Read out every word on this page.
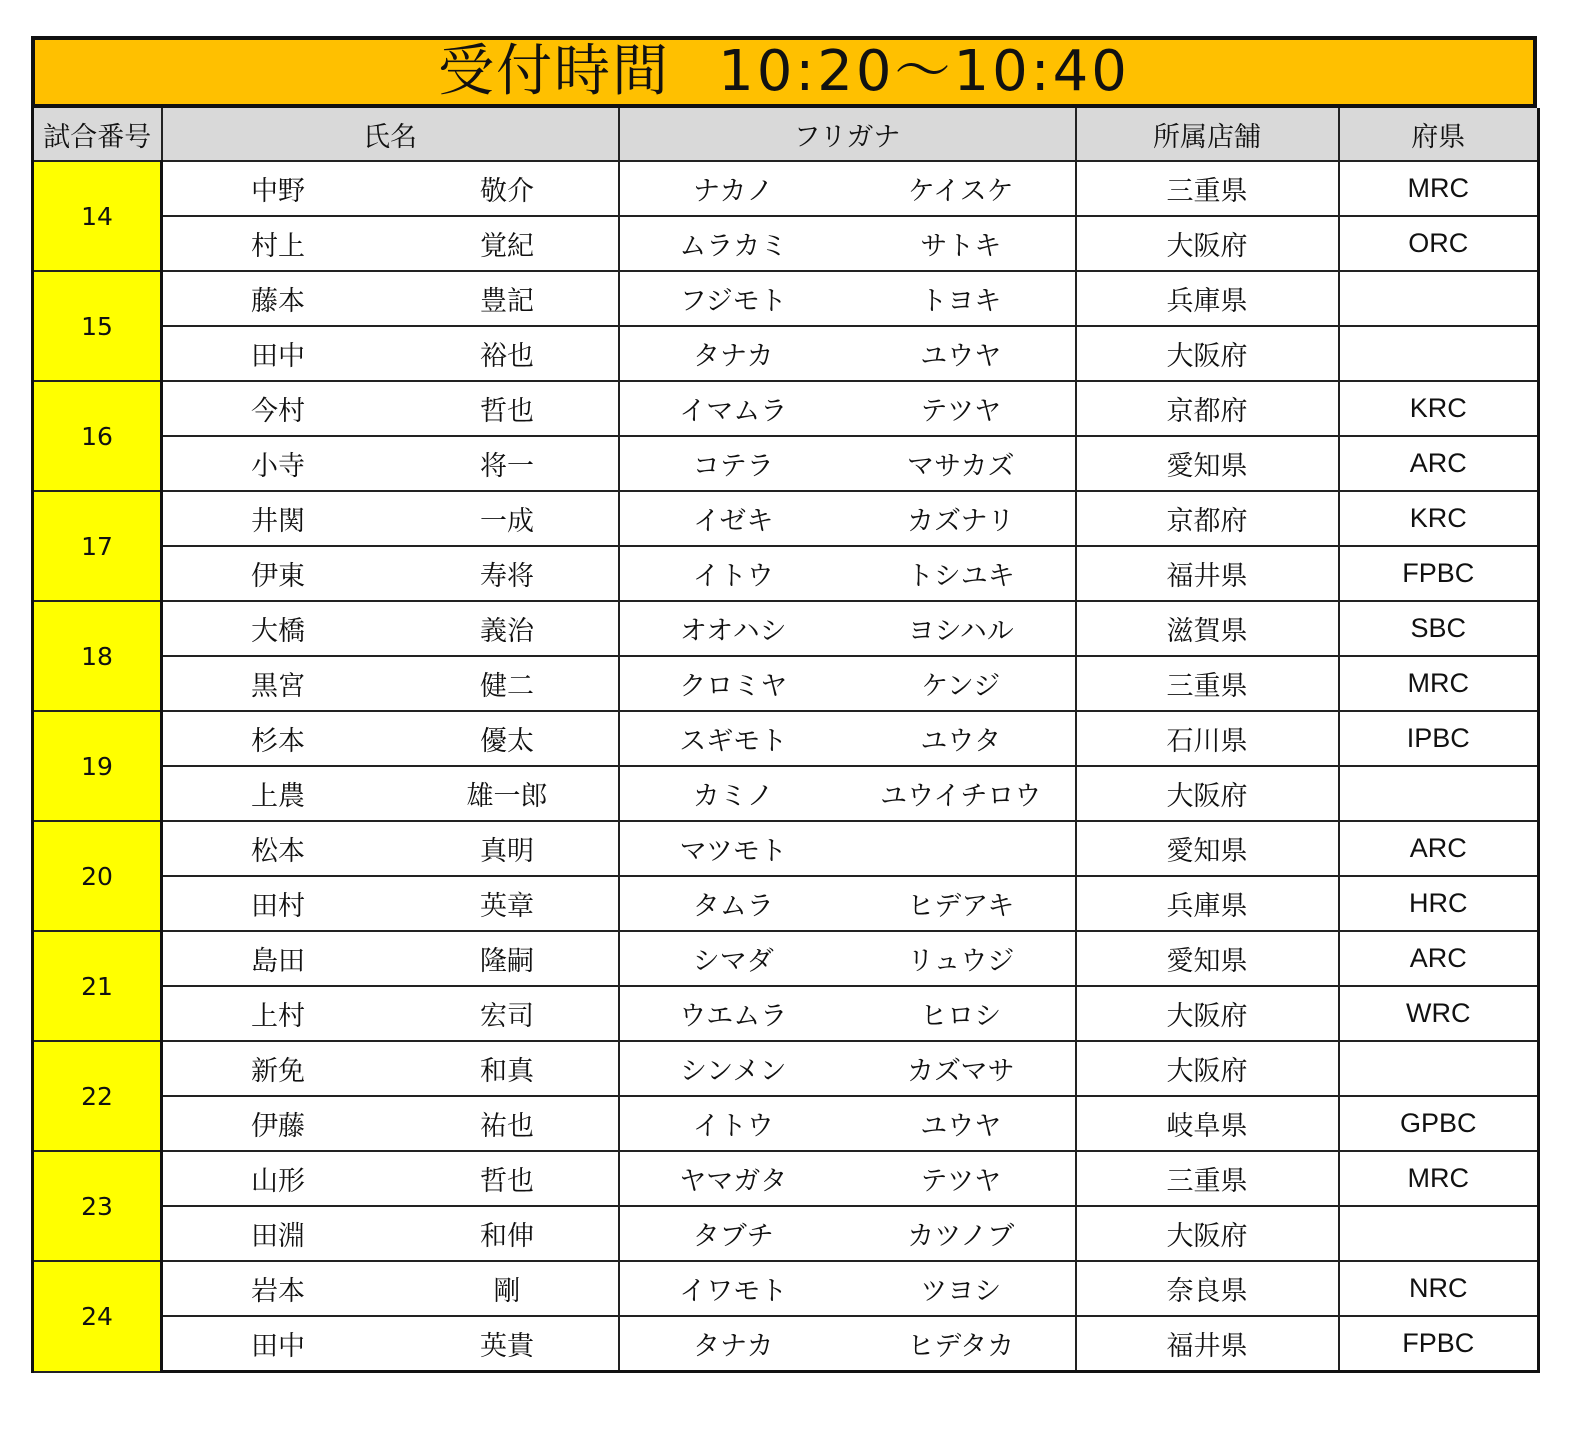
受付時間 10:20～10:40
試合番号	氏名	フリガナ	所属店舗	府県
14	中野 敬介	ナカノ ケイスケ	三重県	MRC

	村上 覚紀	ムラカミ サトキ	大阪府	ORC
15	藤本 豊記	フジモト トヨキ	兵庫県	

	田中 裕也	タナカ ユウヤ	大阪府	
16	今村 哲也	イマムラ テツヤ	京都府	KRC

	小寺 将一	コテラ マサカズ	愛知県	ARC
17	井関 一成	イゼキ カズナリ	京都府	KRC

	伊東 寿将	イトウ トシユキ	福井県	FPBC
18	大橋 義治	オオハシ ヨシハル	滋賀県	SBC

	黒宮 健二	クロミヤ ケンジ	三重県	MRC
19	杉本 優太	スギモト ユウタ	石川県	IPBC

	上農 雄一郎	カミノ ユウイチロウ	大阪府	
20	松本 真明	マツモト	愛知県	ARC

	田村 英章	タムラ ヒデアキ	兵庫県	HRC
21	島田 隆嗣	シマダ リュウジ	愛知県	ARC

	上村 宏司	ウエムラ ヒロシ	大阪府	WRC
22	新免 和真	シンメン カズマサ	大阪府	

	伊藤 祐也	イトウ ユウヤ	岐阜県	GPBC
23	山形 哲也	ヤマガタ テツヤ	三重県	MRC

	田淵 和伸	タブチ カツノブ	大阪府	
24	岩本 剛	イワモト ツヨシ	奈良県	NRC

	田中 英貴	タナカ ヒデタカ	福井県	FPBC
